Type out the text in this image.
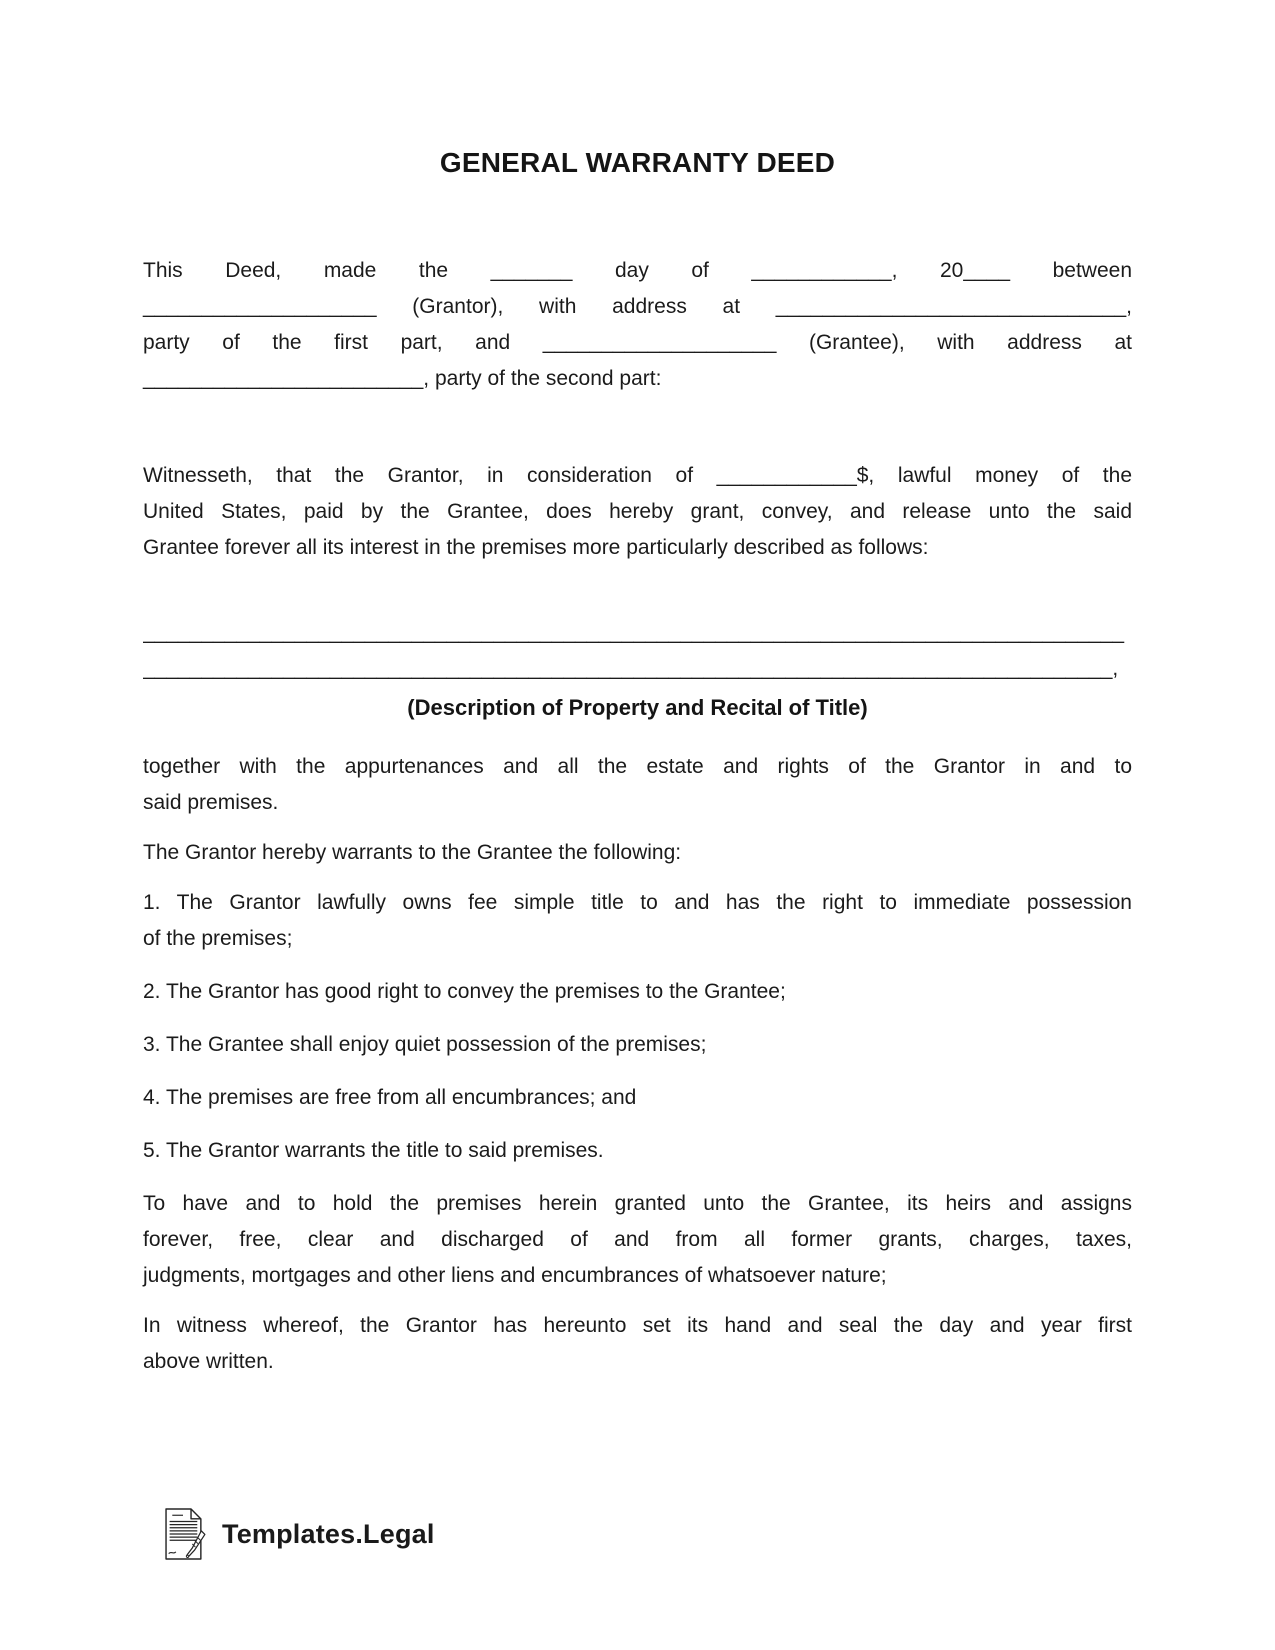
GENERAL WARRANTY DEED

This Deed, made the _______ day of ____________, 20____ between
____________________ (Grantor), with address at ______________________________,
party of the first part, and ____________________ (Grantee), with address at
________________________, party of the second part:

Witnesseth, that the Grantor, in consideration of ____________$, lawful money of the
United States, paid by the Grantee, does hereby grant, convey, and release unto the said
Grantee forever all its interest in the premises more particularly described as follows:

____________________________________________________________________________________
___________________________________________________________________________________,

(Description of Property and Recital of Title)

together with the appurtenances and all the estate and rights of the Grantor in and to
said premises.

The Grantor hereby warrants to the Grantee the following:

1. The Grantor lawfully owns fee simple title to and has the right to immediate possession
of the premises;

2. The Grantor has good right to convey the premises to the Grantee;

3. The Grantee shall enjoy quiet possession of the premises;

4. The premises are free from all encumbrances; and

5. The Grantor warrants the title to said premises.

To have and to hold the premises herein granted unto the Grantee, its heirs and assigns
forever, free, clear and discharged of and from all former grants, charges, taxes,
judgments, mortgages and other liens and encumbrances of whatsoever nature;

In witness whereof, the Grantor has hereunto set its hand and seal the day and year first
above written.

Templates.Legal
